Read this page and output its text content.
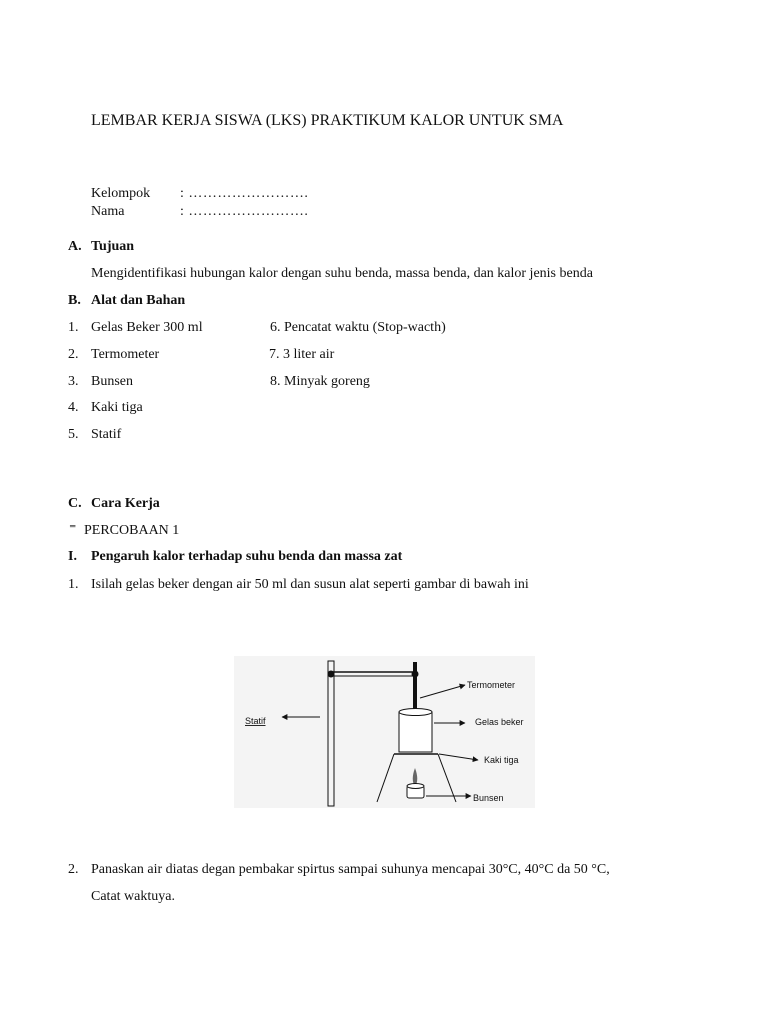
LEMBAR KERJA SISWA (LKS) PRAKTIKUM KALOR UNTUK SMA
Kelompok : …………………….
Nama	: …………………….
A. Tujuan
Mengidentifikasi hubungan kalor dengan suhu benda, massa benda, dan kalor jenis benda
B. Alat dan Bahan
1. Gelas Beker 300 ml
2. Termometer
3. Bunsen
4. Kaki tiga
5. Statif
6. Pencatat waktu (Stop-wacth)
7. 3 liter air
8. Minyak goreng
C. Cara Kerja
⁼ PERCOBAAN 1
I. Pengaruh kalor terhadap suhu benda dan massa zat
1. Isilah gelas beker dengan air 50 ml dan susun alat seperti gambar di bawah ini
Statif
Termometer
Gelas beker
Kaki tiga
Bunsen
2. Panaskan air diatas degan pembakar spirtus sampai suhunya mencapai 30°C, 40°C da 50 °C,
Catat waktuya.
